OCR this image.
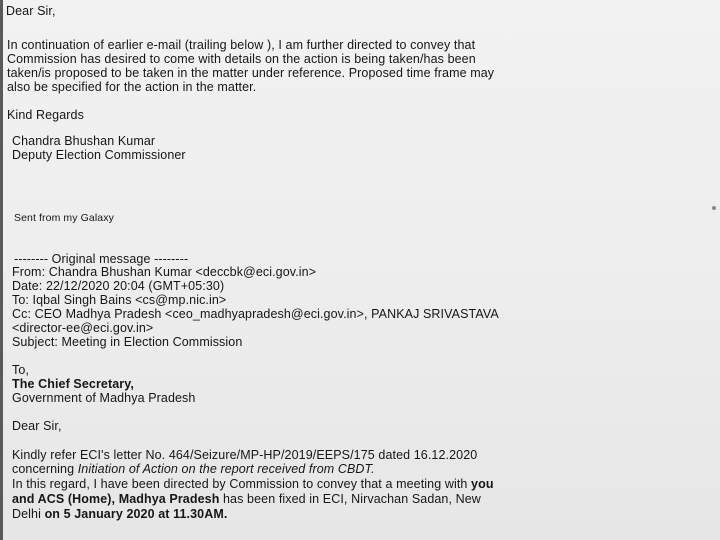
Dear Sir,
In continuation of earlier e-mail (trailing below ), I am further directed to convey that
Commission has desired to come with details on the action is being taken/has been
taken/is proposed to be taken in the matter under reference. Proposed time frame may
also be specified for the action in the matter.
Kind Regards
Chandra Bhushan Kumar
Deputy Election Commissioner
Sent from my Galaxy
-------- Original message --------
From: Chandra Bhushan Kumar <deccbk@eci.gov.in>
Date: 22/12/2020 20:04 (GMT+05:30)
To: Iqbal Singh Bains <cs@mp.nic.in>
Cc: CEO Madhya Pradesh <ceo_madhyapradesh@eci.gov.in>, PANKAJ SRIVASTAVA
<director-ee@eci.gov.in>
Subject: Meeting in Election Commission
To,
The Chief Secretary,
Government of Madhya Pradesh
Dear Sir,
Kindly refer ECI's letter No. 464/Seizure/MP-HP/2019/EEPS/175 dated 16.12.2020
concerning Initiation of Action on the report received from CBDT.
In this regard, I have been directed by Commission to convey that a meeting with you
and ACS (Home), Madhya Pradesh has been fixed in ECI, Nirvachan Sadan, New
Delhi on 5 January 2020 at 11.30AM.
